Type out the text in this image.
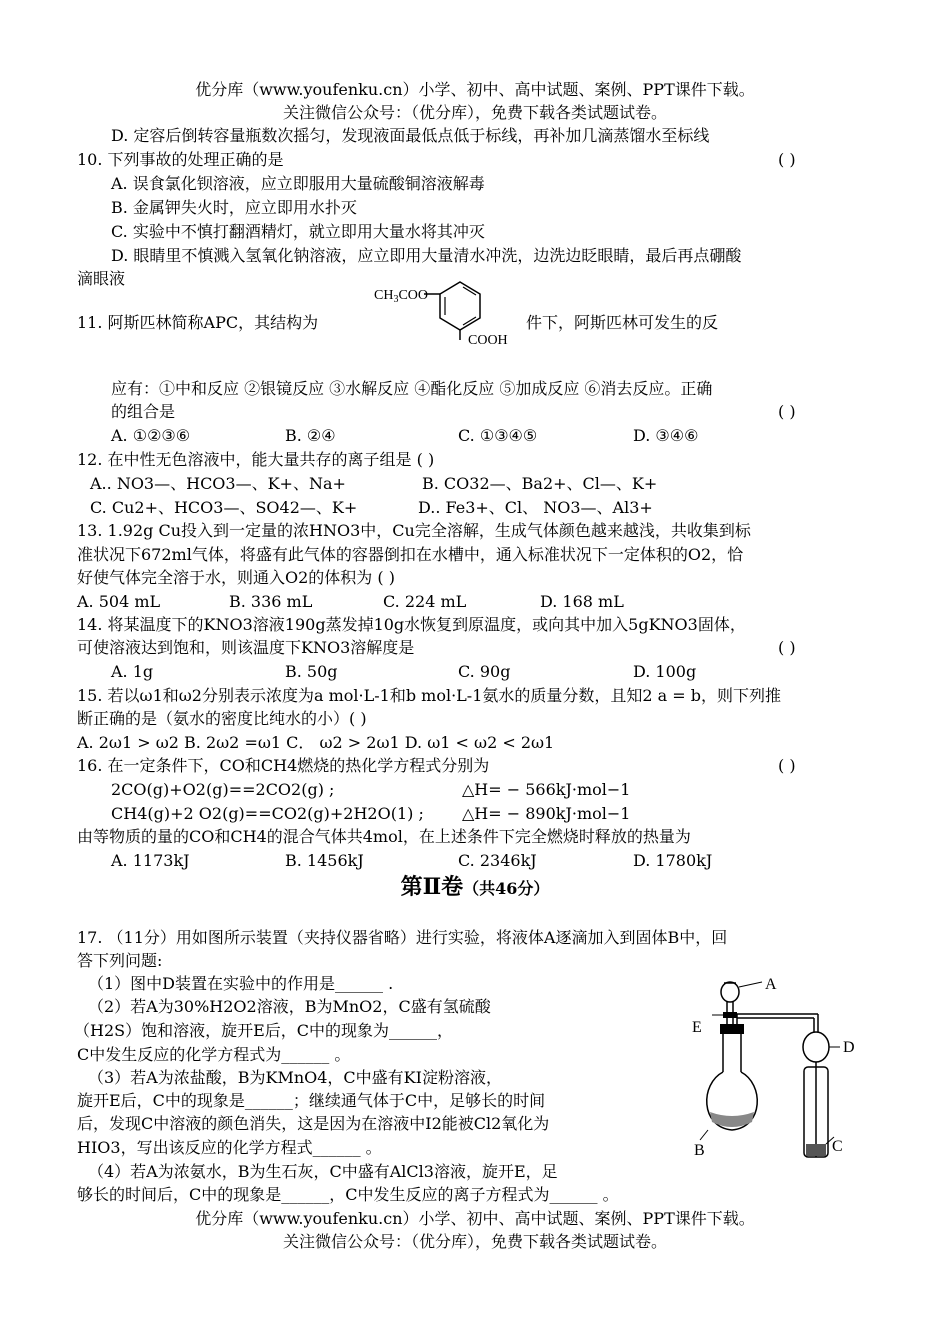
优分库（www.youfenku.cn）小学、初中、高中试题、案例、PPT课件下载。
关注微信公众号：（优分库），免费下载各类试题试卷。
D. 定容后倒转容量瓶数次摇匀，发现液面最低点低于标线，再补加几滴蒸馏水至标线
10. 下列事故的处理正确的是	( )
A. 误食氯化钡溶液，应立即服用大量硫酸铜溶液解毒
B. 金属钾失火时，应立即用水扑灭
C. 实验中不慎打翻酒精灯，就立即用大量水将其冲灭
D. 眼睛里不慎溅入氢氧化钠溶液，应立即用大量清水冲洗，边洗边眨眼睛，最后再点硼酸
滴眼液
11. 阿斯匹林简称APC，其结构为
$CH_3COO$
COOH
件下，阿斯匹林可发生的反
应有：①中和反应 ②银镜反应 ③水解反应 ④酯化反应 ⑤加成反应 ⑥消去反应。正确
的组合是	( )
A. ①②③⑥	B. ②④	C. ①③④⑤	D. ③④⑥
12. 在中性无色溶液中，能大量共存的离子组是 ( )
A.. NO3—、HCO3—、K+、Na+	B. CO32—、Ba2+、Cl—、K+
C. Cu2+、HCO3—、SO42—、K+	D.. Fe3+、Cl、 NO3—、Al3+
13. 1.92g Cu投入到一定量的浓HNO3中，Cu完全溶解，生成气体颜色越来越浅，共收集到标
准状况下672ml气体，将盛有此气体的容器倒扣在水槽中，通入标准状况下一定体积的O2，恰
好使气体完全溶于水，则通入O2的体积为 ( )
A. 504 mL	B. 336 mL	C. 224 mL	D. 168 mL
14. 将某温度下的KNO3溶液190g蒸发掉10g水恢复到原温度，或向其中加入5gKNO3固体，
可使溶液达到饱和，则该温度下KNO3溶解度是	( )
A. 1g	B. 50g	C. 90g	D. 100g
15. 若以ω1和ω2分别表示浓度为a mol·L-1和b mol·L-1氨水的质量分数，且知2 a = b，则下列推
断正确的是（氨水的密度比纯水的小）( )
A. 2ω1 > ω2 B. 2ω2 =ω1 C． ω2 > 2ω1 D. ω1 < ω2 < 2ω1
16. 在一定条件下，CO和CH4燃烧的热化学方程式分别为	( )
2CO(g)+O2(g)==2CO2(g) ;	△H= − 566kJ·mol−1
CH4(g)+2 O2(g)==CO2(g)+2H2O(1) ; △H= − 890kJ·mol−1
由等物质的量的CO和CH4的混合气体共4mol，在上述条件下完全燃烧时释放的热量为
A. 1173kJ	B. 1456kJ	C. 2346kJ	D. 1780kJ
第Ⅱ卷（共46分）
17. （11分）用如图所示装置（夹持仪器省略）进行实验，将液体A逐滴加入到固体B中，回
答下列问题:
（1）图中D装置在实验中的作用是______ .
（2）若A为30%H2O2溶液，B为MnO2，C盛有氢硫酸
（H2S）饱和溶液，旋开E后，C中的现象为______，
C中发生反应的化学方程式为______ 。
（3）若A为浓盐酸，B为KMnO4，C中盛有KI淀粉溶液，
旋开E后，C中的现象是______；继续通气体于C中，足够长的时间
后，发现C中溶液的颜色消失，这是因为在溶液中I2能被Cl2氧化为
HIO3，写出该反应的化学方程式______ 。
（4）若A为浓氨水，B为生石灰，C中盛有AlCl3溶液，旋开E，足
够长的时间后，C中的现象是______，C中发生反应的离子方程式为______ 。
A
E
B
D
C
优分库（www.youfenku.cn）小学、初中、高中试题、案例、PPT课件下载。
关注微信公众号：（优分库），免费下载各类试题试卷。
